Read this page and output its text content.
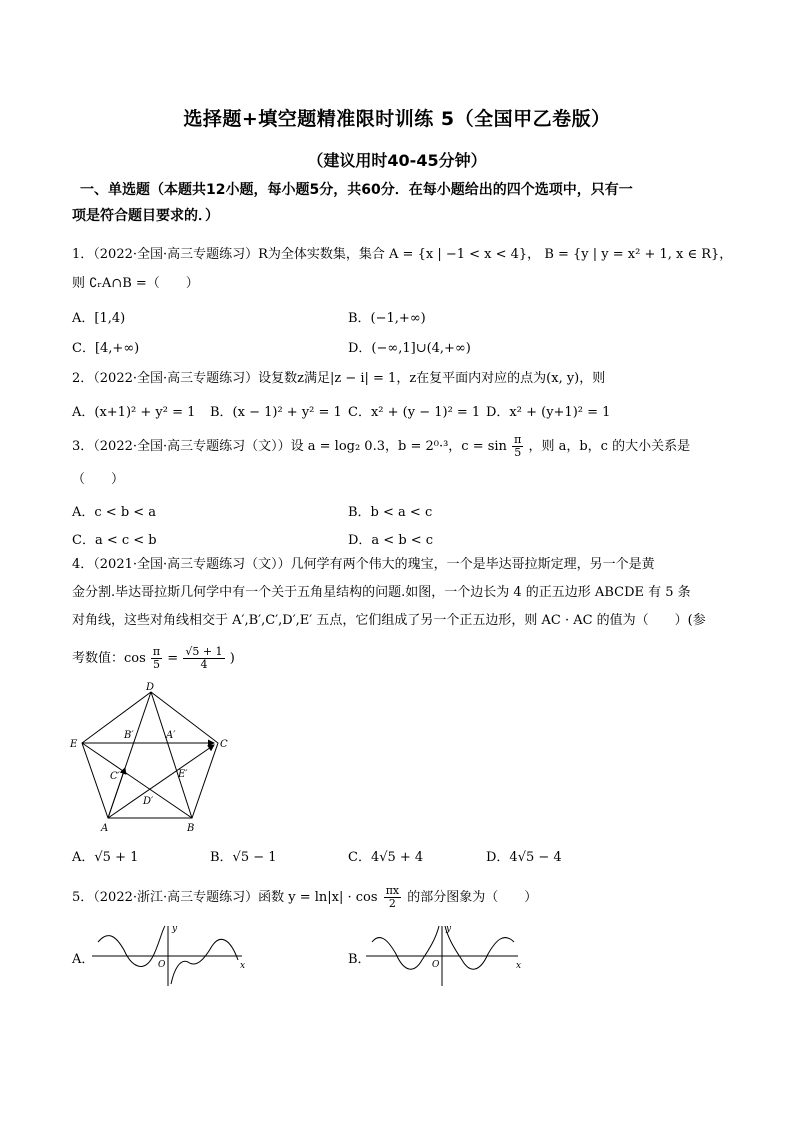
选择题+填空题精准限时训练 5（全国甲乙卷版）
（建议用时40-45分钟）
一、单选题（本题共12小题，每小题5分，共60分．在每小题给出的四个选项中，只有一
项是符合题目要求的．）
1．（2022·全国·高三专题练习）R为全体实数集，集合 A = {x | −1 < x < 4}， B = {y | y = x² + 1, x ∈ R}，
则 ∁ᵣA∩B =（　　）
A．[1,4)	B．(−1,+∞)
C．[4,+∞)	D．(−∞,1]∪(4,+∞)
2．（2022·全国·高三专题练习）设复数z满足|z − i| = 1，z在复平面内对应的点为(x, y)，则
A．(x+1)² + y² = 1 B．(x − 1)² + y² = 1 C．x² + (y − 1)² = 1 D．x² + (y+1)² = 1
3．（2022·全国·高三专题练习（文））设 a = log₂ 0.3，b = 2⁰·³，$c = \sin \frac{\pi}{5}$ ，则 a，b，c 的大小关系是
（　　）
A．c < b < a	B．b < a < c
C．a < c < b	D．a < b < c
4．（2021·全国·高三专题练习（文））几何学有两个伟大的瑰宝，一个是毕达哥拉斯定理，另一个是黄
金分割.毕达哥拉斯几何学中有一个关于五角星结构的问题.如图，一个边长为 4 的正五边形 ABCDE 有 5 条
对角线，这些对角线相交于 A′,B′,C′,D′,E′ 五点，它们组成了另一个正五边形，则 AC · AC 的值为（　　）(参
考数值：$\cos \frac{\pi}{5} = \frac{√5 + 1}{4}$ )
D
E	C
A	B
B′	A′
C′	E′
D′
A．√5 + 1	B．√5 − 1	C．4√5 + 4	D．4√5 − 4
5．（2022·浙江·高三专题练习）函数 $y = \ln|x| \cdot \cos \frac{\pi x}{2}$ 的部分图象为（　　）
A．
y
x
O	B．
y
x
O
